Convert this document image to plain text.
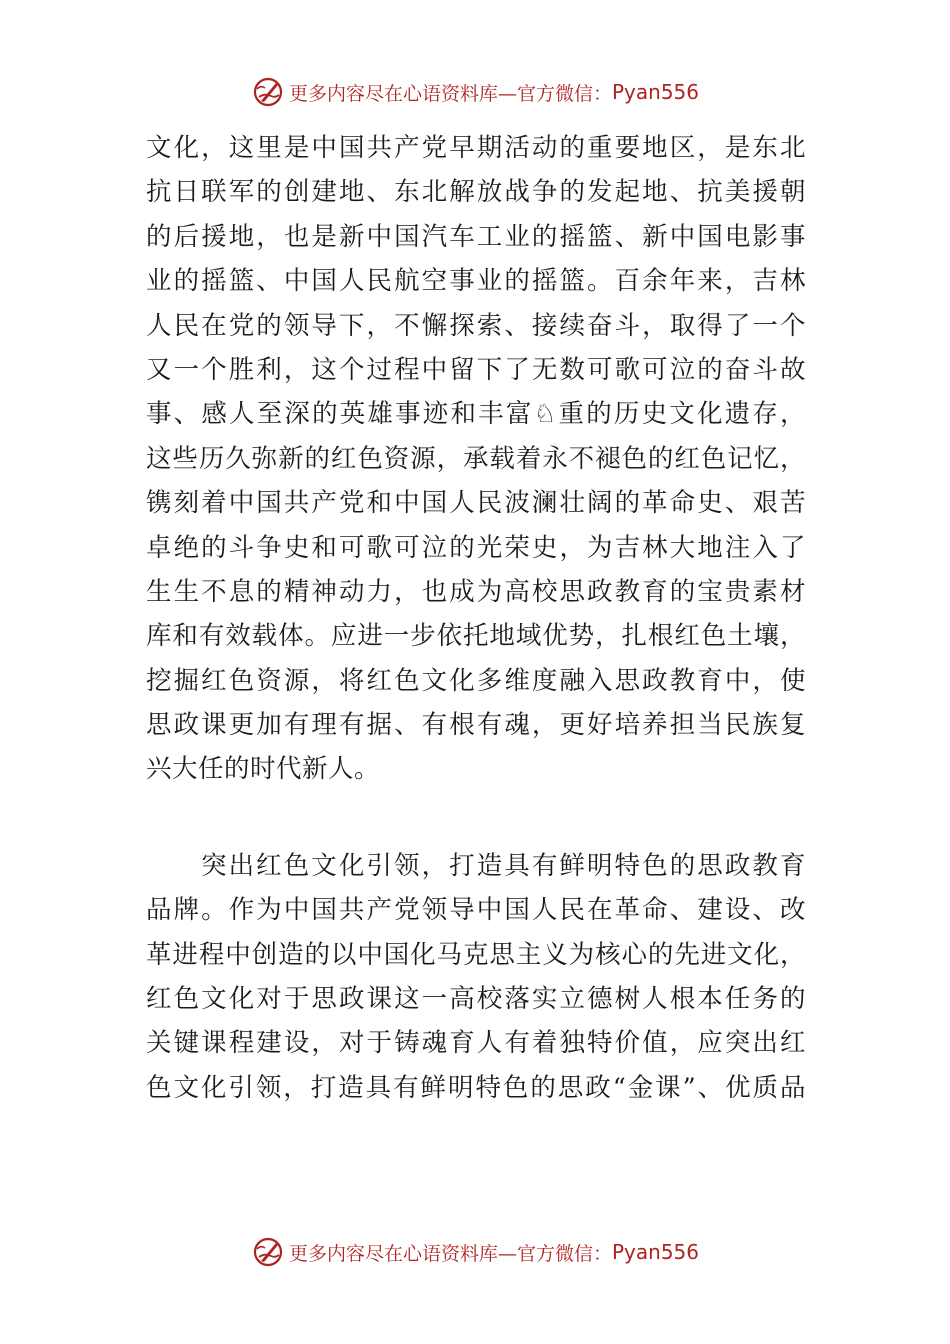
更多内容尽在心语资料库—官方微信： Pyan556
文化，这里是中国共产党早期活动的重要地区，是东北
抗日联军的创建地、东北解放战争的发起地、抗美援朝
的后援地，也是新中国汽车工业的摇篮、新中国电影事
业的摇篮、中国人民航空事业的摇篮。百余年来，吉林
人民在党的领导下，不懈探索、接续奋斗，取得了一个
又一个胜利，这个过程中留下了无数可歌可泣的奋斗故
事、感人至深的英雄事迹和丰富♘重的历史文化遗存，
这些历久弥新的红色资源，承载着永不褪色的红色记忆，
镌刻着中国共产党和中国人民波澜壮阔的革命史、艰苦
卓绝的斗争史和可歌可泣的光荣史，为吉林大地注入了
生生不息的精神动力，也成为高校思政教育的宝贵素材
库和有效载体。应进一步依托地域优势，扎根红色土壤，
挖掘红色资源，将红色文化多维度融入思政教育中，使
思政课更加有理有据、有根有魂，更好培养担当民族复
兴大任的时代新人。
突出红色文化引领，打造具有鲜明特色的思政教育
品牌。作为中国共产党领导中国人民在革命、建设、改
革进程中创造的以中国化马克思主义为核心的先进文化，
红色文化对于思政课这一高校落实立德树人根本任务的
关键课程建设，对于铸魂育人有着独特价值，应突出红
色文化引领，打造具有鲜明特色的思政“金课”、优质品
更多内容尽在心语资料库—官方微信： Pyan556
